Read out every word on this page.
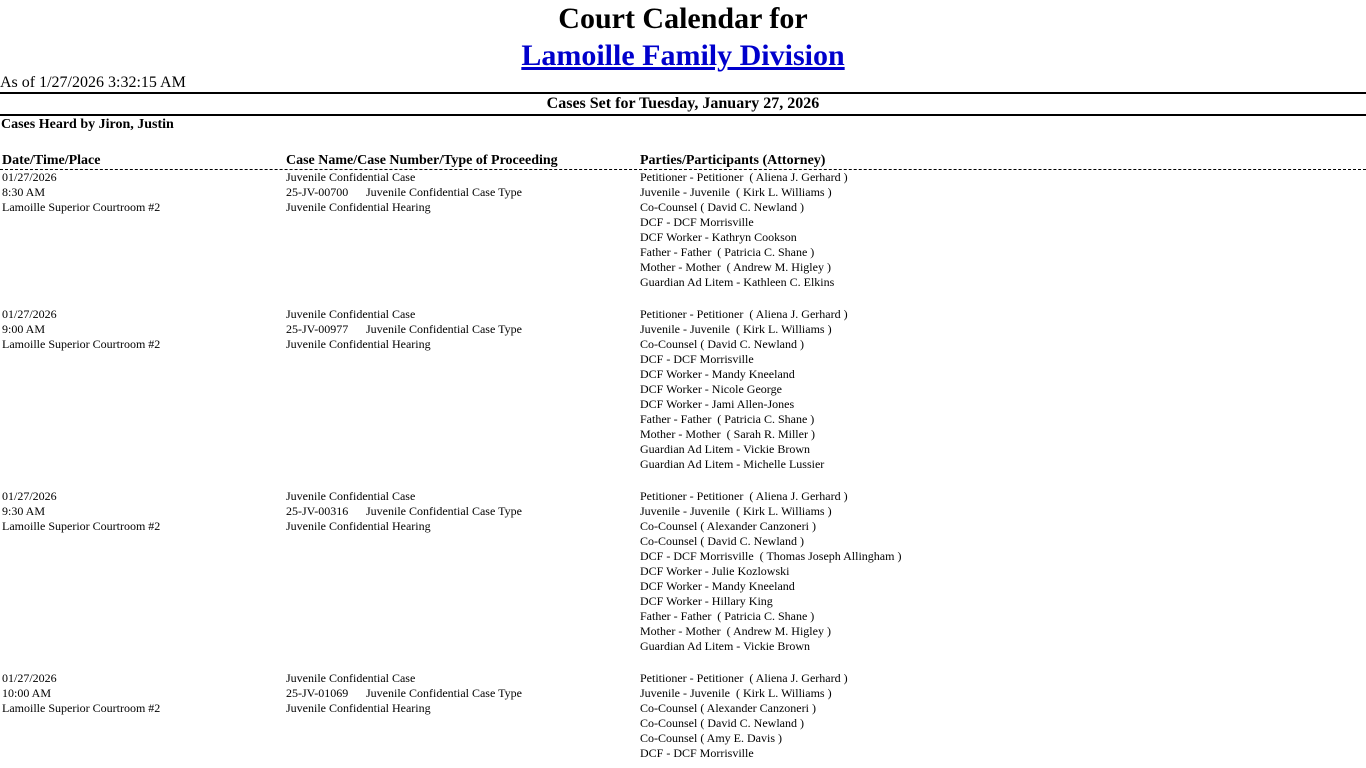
Court Calendar for
Lamoille Family Division
As of 1/27/2026 3:32:15 AM
Cases Set for Tuesday, January 27, 2026
Cases Heard by Jiron, Justin
Date/Time/Place	Case Name/Case Number/Type of Proceeding	Parties/Participants (Attorney)
01/27/2026
8:30 AM
Lamoille Superior Courtroom #2
Juvenile Confidential Case
25-JV-00700 Juvenile Confidential Case Type
Juvenile Confidential Hearing
Petitioner - Petitioner  ( Aliena J. Gerhard )
Juvenile - Juvenile  ( Kirk L. Williams )
Co-Counsel ( David C. Newland )
DCF - DCF Morrisville
DCF Worker - Kathryn Cookson
Father - Father  ( Patricia C. Shane )
Mother - Mother  ( Andrew M. Higley )
Guardian Ad Litem - Kathleen C. Elkins
01/27/2026
9:00 AM
Lamoille Superior Courtroom #2
Juvenile Confidential Case
25-JV-00977 Juvenile Confidential Case Type
Juvenile Confidential Hearing
Petitioner - Petitioner  ( Aliena J. Gerhard )
Juvenile - Juvenile  ( Kirk L. Williams )
Co-Counsel ( David C. Newland )
DCF - DCF Morrisville
DCF Worker - Mandy Kneeland
DCF Worker - Nicole George
DCF Worker - Jami Allen-Jones
Father - Father  ( Patricia C. Shane )
Mother - Mother  ( Sarah R. Miller )
Guardian Ad Litem - Vickie Brown
Guardian Ad Litem - Michelle Lussier
01/27/2026
9:30 AM
Lamoille Superior Courtroom #2
Juvenile Confidential Case
25-JV-00316 Juvenile Confidential Case Type
Juvenile Confidential Hearing
Petitioner - Petitioner  ( Aliena J. Gerhard )
Juvenile - Juvenile  ( Kirk L. Williams )
Co-Counsel ( Alexander Canzoneri )
Co-Counsel ( David C. Newland )
DCF - DCF Morrisville  ( Thomas Joseph Allingham )
DCF Worker - Julie Kozlowski
DCF Worker - Mandy Kneeland
DCF Worker - Hillary King
Father - Father  ( Patricia C. Shane )
Mother - Mother  ( Andrew M. Higley )
Guardian Ad Litem - Vickie Brown
01/27/2026
10:00 AM
Lamoille Superior Courtroom #2
Juvenile Confidential Case
25-JV-01069 Juvenile Confidential Case Type
Juvenile Confidential Hearing
Petitioner - Petitioner  ( Aliena J. Gerhard )
Juvenile - Juvenile  ( Kirk L. Williams )
Co-Counsel ( Alexander Canzoneri )
Co-Counsel ( David C. Newland )
Co-Counsel ( Amy E. Davis )
DCF - DCF Morrisville
